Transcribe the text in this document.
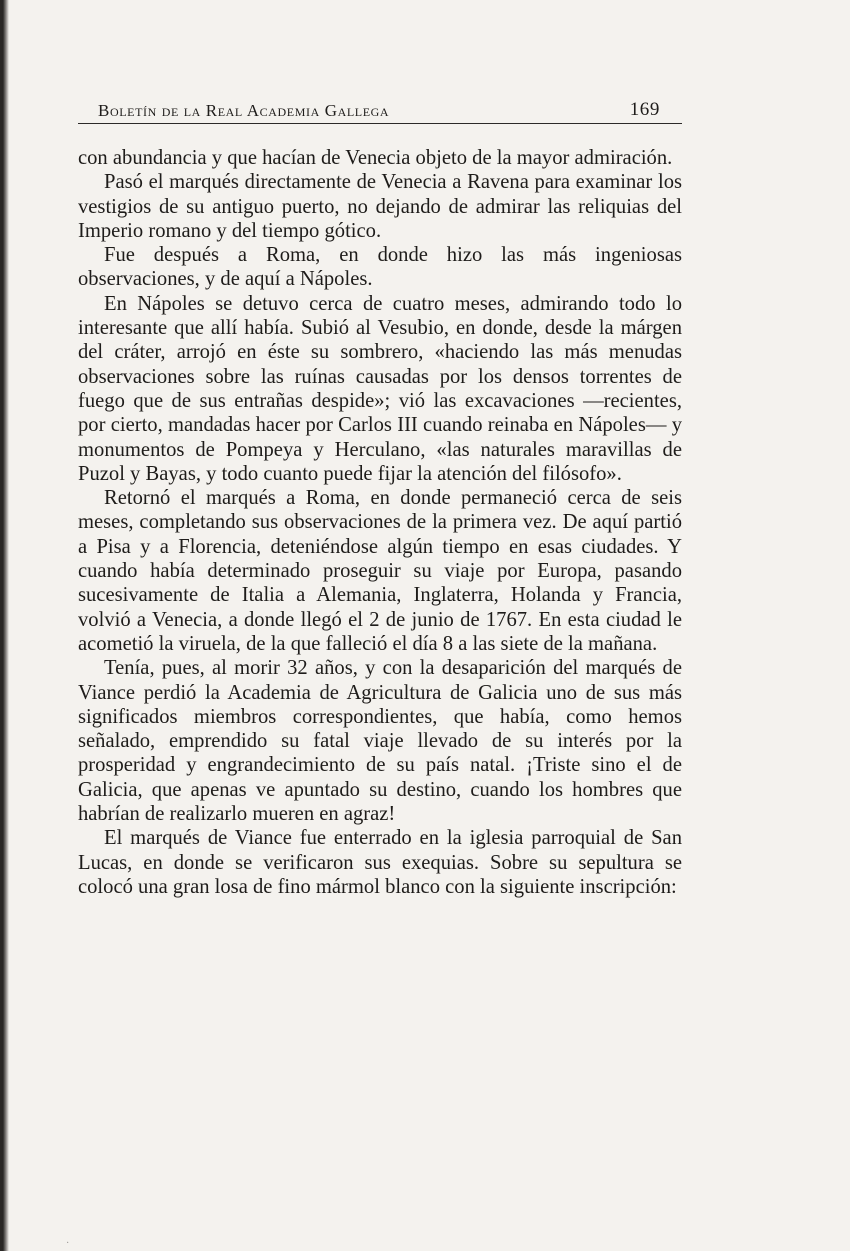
Boletín de la Real Academia Gallega	169

con abundancia y que hacían de Venecia objeto de la mayor admiración.

Pasó el marqués directamente de Venecia a Ravena para examinar los vestigios de su antiguo puerto, no dejando de admirar las reliquias del Imperio romano y del tiempo gótico.

Fue después a Roma, en donde hizo las más ingeniosas observaciones, y de aquí a Nápoles.

En Nápoles se detuvo cerca de cuatro meses, admirando todo lo interesante que allí había. Subió al Vesubio, en donde, desde la márgen del cráter, arrojó en éste su sombrero, «haciendo las más menudas observaciones sobre las ruínas causadas por los densos torrentes de fuego que de sus entrañas despide»; vió las excavaciones —recientes, por cierto, mandadas hacer por Carlos III cuando reinaba en Nápoles— y monumentos de Pompeya y Herculano, «las naturales maravillas de Puzol y Bayas, y todo cuanto puede fijar la atención del filósofo».

Retornó el marqués a Roma, en donde permaneció cerca de seis meses, completando sus observaciones de la primera vez. De aquí partió a Pisa y a Florencia, deteniéndose algún tiempo en esas ciudades. Y cuando había determinado proseguir su viaje por Europa, pasando sucesivamente de Italia a Alemania, Inglaterra, Holanda y Francia, volvió a Venecia, a donde llegó el 2 de junio de 1767. En esta ciudad le acometió la viruela, de la que falleció el día 8 a las siete de la mañana.

Tenía, pues, al morir 32 años, y con la desaparición del marqués de Viance perdió la Academia de Agricultura de Galicia uno de sus más significados miembros correspondientes, que había, como hemos señalado, emprendido su fatal viaje llevado de su interés por la prosperidad y engrandecimiento de su país natal. ¡Triste sino el de Galicia, que apenas ve apuntado su destino, cuando los hombres que habrían de realizarlo mueren en agraz!

El marqués de Viance fue enterrado en la iglesia parroquial de San Lucas, en donde se verificaron sus exequias. Sobre su sepultura se colocó una gran losa de fino mármol blanco con la siguiente inscripción:

·
